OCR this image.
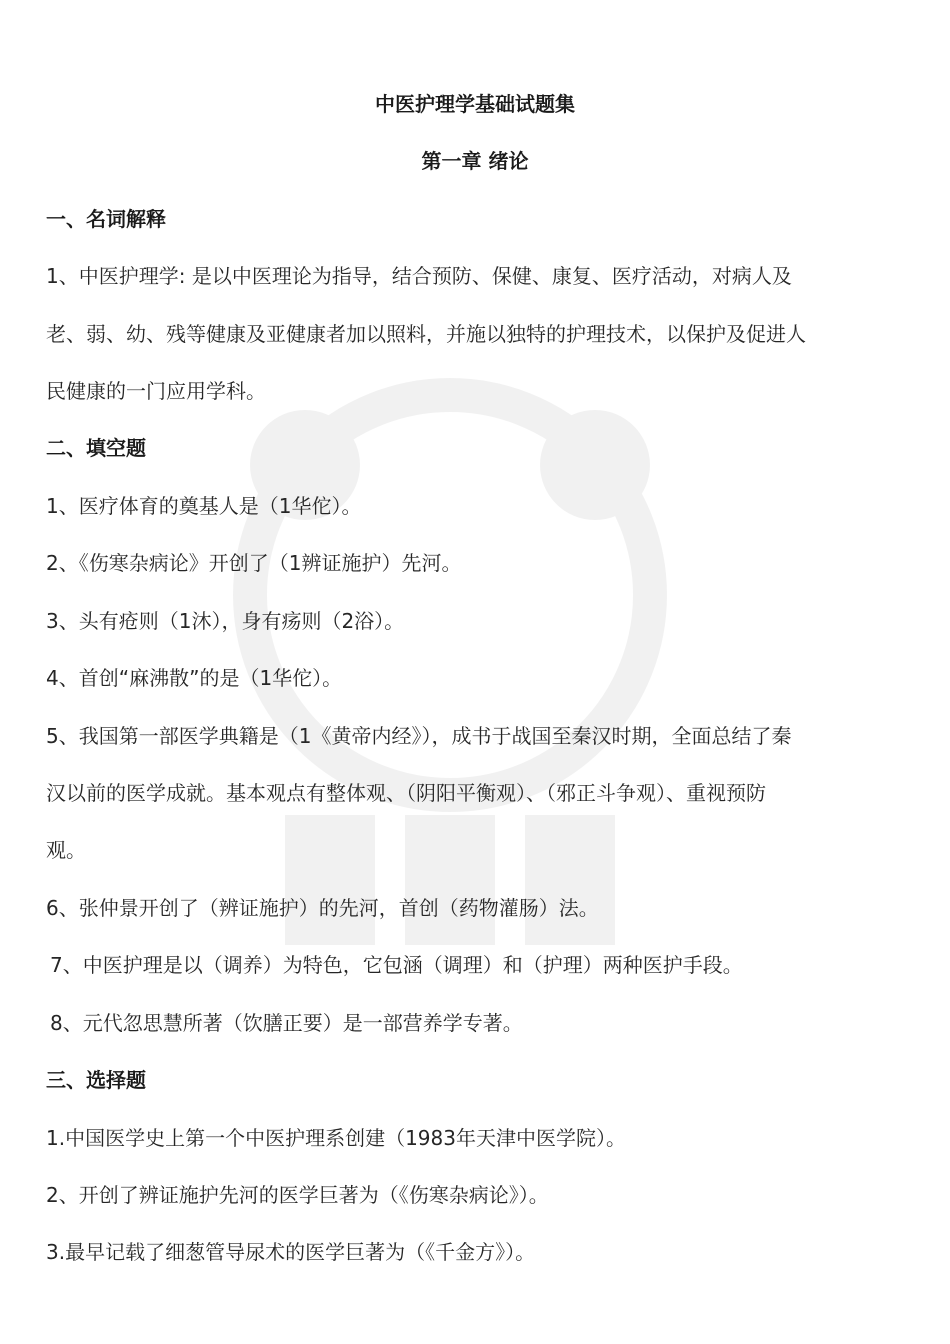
中医护理学基础试题集
第一章 绪论
一、名词解释
1、中医护理学: 是以中医理论为指导，结合预防、保健、康复、医疗活动，对病人及
老、弱、幼、残等健康及亚健康者加以照料，并施以独特的护理技术，以保护及促进人
民健康的一门应用学科。
二、填空题
1、医疗体育的奠基人是（1华佗）。
2、《伤寒杂病论》开创了（1辨证施护）先河。
3、头有疮则（1沐），身有疡则（2浴）。
4、首创“麻沸散”的是（1华佗）。
5、我国第一部医学典籍是（1《黄帝内经》），成书于战国至秦汉时期，全面总结了秦
汉以前的医学成就。基本观点有整体观、（阴阳平衡观）、（邪正斗争观）、重视预防
观。
6、张仲景开创了（辨证施护）的先河，首创（药物灌肠）法。
7、中医护理是以（调养）为特色，它包涵（调理）和（护理）两种医护手段。
8、元代忽思慧所著（饮膳正要）是一部营养学专著。
三、选择题
1.中国医学史上第一个中医护理系创建（1983年天津中医学院）。
2、开创了辨证施护先河的医学巨著为（《伤寒杂病论》）。
3.最早记载了细葱管导尿术的医学巨著为（《千金方》）。
